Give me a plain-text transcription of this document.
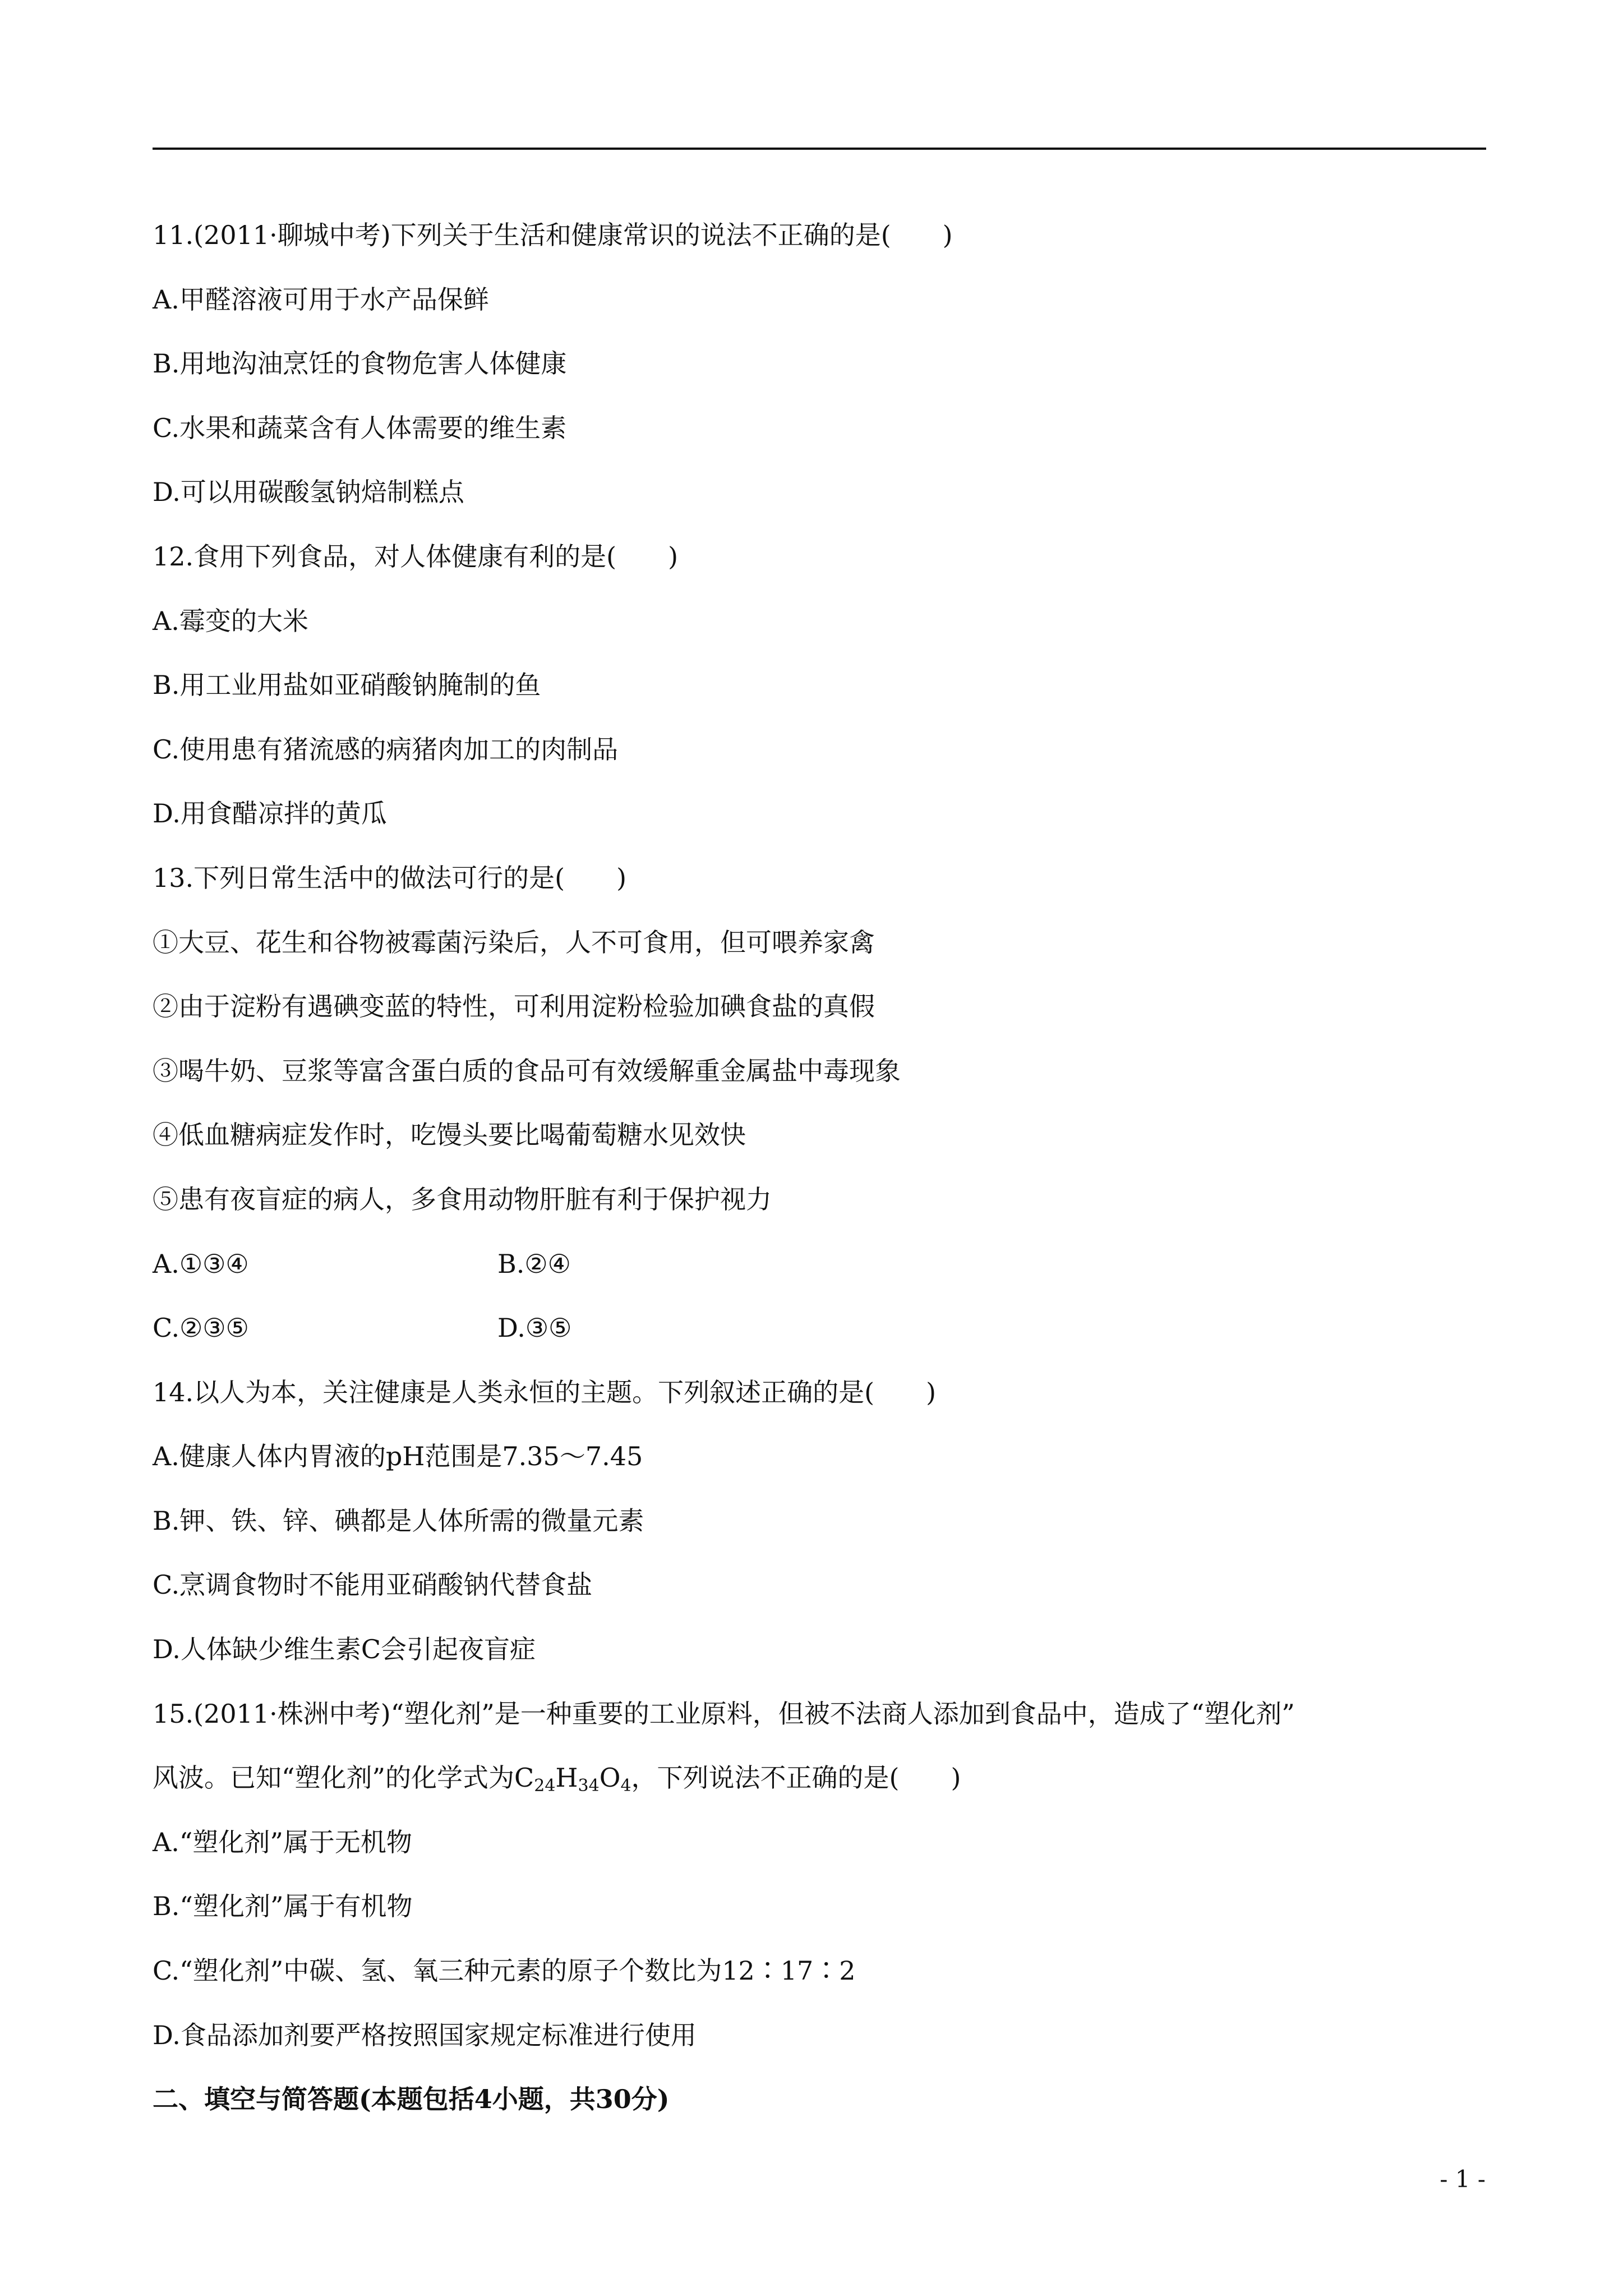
11.(2011·聊城中考)下列关于生活和健康常识的说法不正确的是(　　)
A.甲醛溶液可用于水产品保鲜
B.用地沟油烹饪的食物危害人体健康
C.水果和蔬菜含有人体需要的维生素
D.可以用碳酸氢钠焙制糕点
12.食用下列食品，对人体健康有利的是(　　)
A.霉变的大米
B.用工业用盐如亚硝酸钠腌制的鱼
C.使用患有猪流感的病猪肉加工的肉制品
D.用食醋凉拌的黄瓜
13.下列日常生活中的做法可行的是(　　)
①大豆、花生和谷物被霉菌污染后，人不可食用，但可喂养家禽
②由于淀粉有遇碘变蓝的特性，可利用淀粉检验加碘食盐的真假
③喝牛奶、豆浆等富含蛋白质的食品可有效缓解重金属盐中毒现象
④低血糖病症发作时，吃馒头要比喝葡萄糖水见效快
⑤患有夜盲症的病人，多食用动物肝脏有利于保护视力
A.①③④	B.②④
C.②③⑤	D.③⑤
14.以人为本，关注健康是人类永恒的主题。下列叙述正确的是(　　)
A.健康人体内胃液的pH范围是7.35～7.45
B.钾、铁、锌、碘都是人体所需的微量元素
C.烹调食物时不能用亚硝酸钠代替食盐
D.人体缺少维生素C会引起夜盲症
15.(2011·株洲中考)“塑化剂”是一种重要的工业原料，但被不法商人添加到食品中，造成了“塑化剂”
风波。已知“塑化剂”的化学式为$C_{24}H_{34}O_4$，下列说法不正确的是(　　)
A.“塑化剂”属于无机物
B.“塑化剂”属于有机物
C.“塑化剂”中碳、氢、氧三种元素的原子个数比为12∶17∶2
D.食品添加剂要严格按照国家规定标准进行使用
二、填空与简答题(本题包括4小题，共30分)
- 1 -
